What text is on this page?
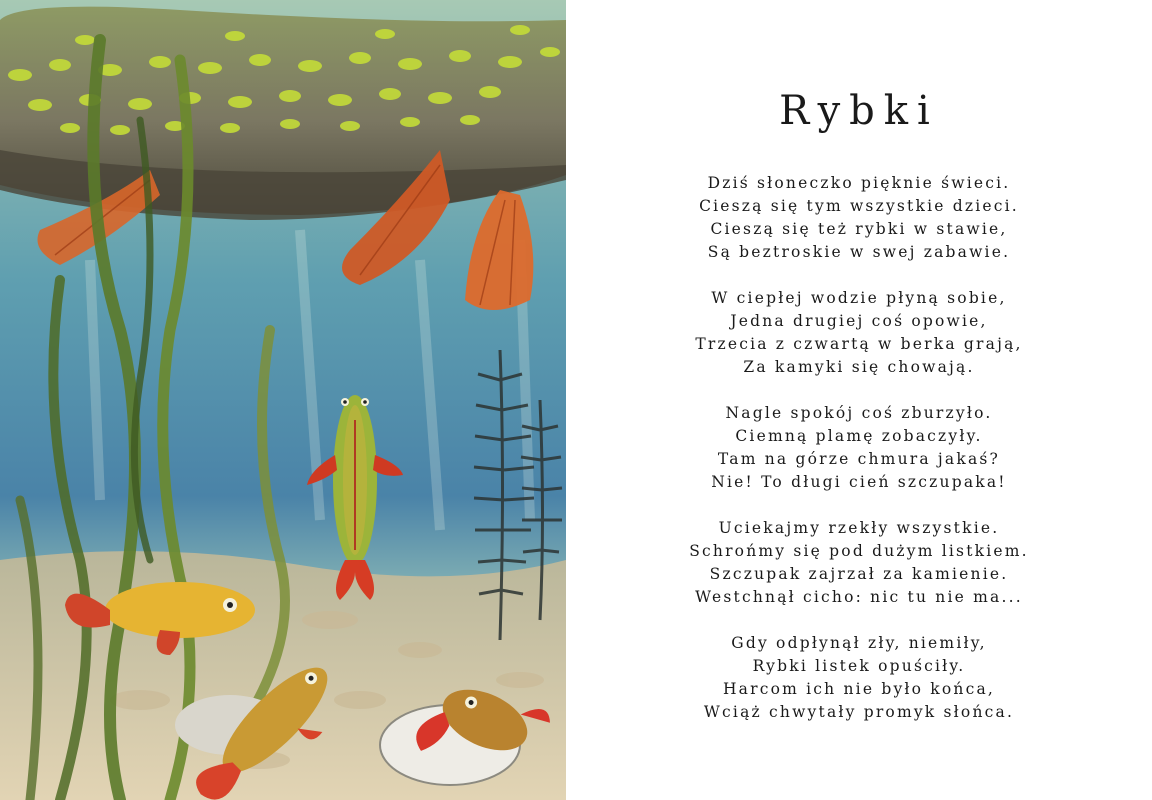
Rybki
Dziś słoneczko pięknie świeci.
Cieszą się tym wszystkie dzieci.
Cieszą się też rybki w stawie,
Są beztroskie w swej zabawie.
W ciepłej wodzie płyną sobie,
Jedna drugiej coś opowie,
Trzecia z czwartą w berka grają,
Za kamyki się chowają.
Nagle spokój coś zburzyło.
Ciemną plamę zobaczyły.
Tam na górze chmura jakaś?
Nie! To długi cień szczupaka!
Uciekajmy rzekły wszystkie.
Schrońmy się pod dużym listkiem.
Szczupak zajrzał za kamienie.
Westchnął cicho: nic tu nie ma...
Gdy odpłynął zły, niemiły,
Rybki listek opuściły.
Harcom ich nie było końca,
Wciąż chwytały promyk słońca.
